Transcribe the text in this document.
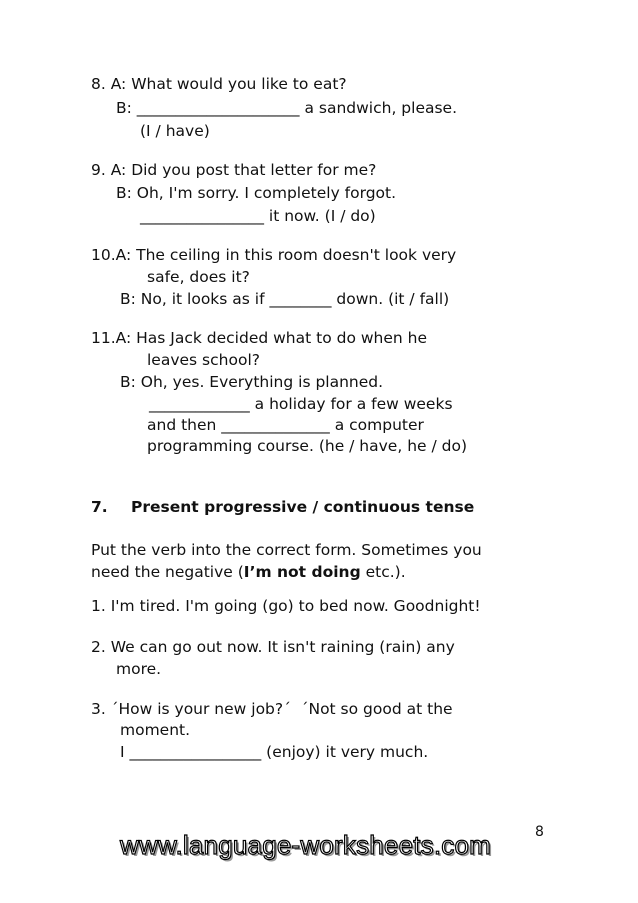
8. A: What would you like to eat?
B: _____________________ a sandwich, please.
(I / have)
9. A: Did you post that letter for me?
B: Oh, I'm sorry. I completely forgot.
________________ it now. (I / do)
10.A: The ceiling in this room doesn't look very
safe, does it?
B: No, it looks as if ________ down. (it / fall)
11.A: Has Jack decided what to do when he
leaves school?
B: Oh, yes. Everything is planned.
_____________ a holiday for a few weeks
and then ______________ a computer
programming course. (he / have, he / do)
7. Present progressive / continuous tense
Put the verb into the correct form. Sometimes you
need the negative (I’m not doing etc.).
1. I'm tired. I'm going (go) to bed now. Goodnight!
2. We can go out now. It isn't raining (rain) any
more.
3. ´How is your new job?´  ´Not so good at the
moment.
I _________________ (enjoy) it very much.
www.language-worksheets.com	8
